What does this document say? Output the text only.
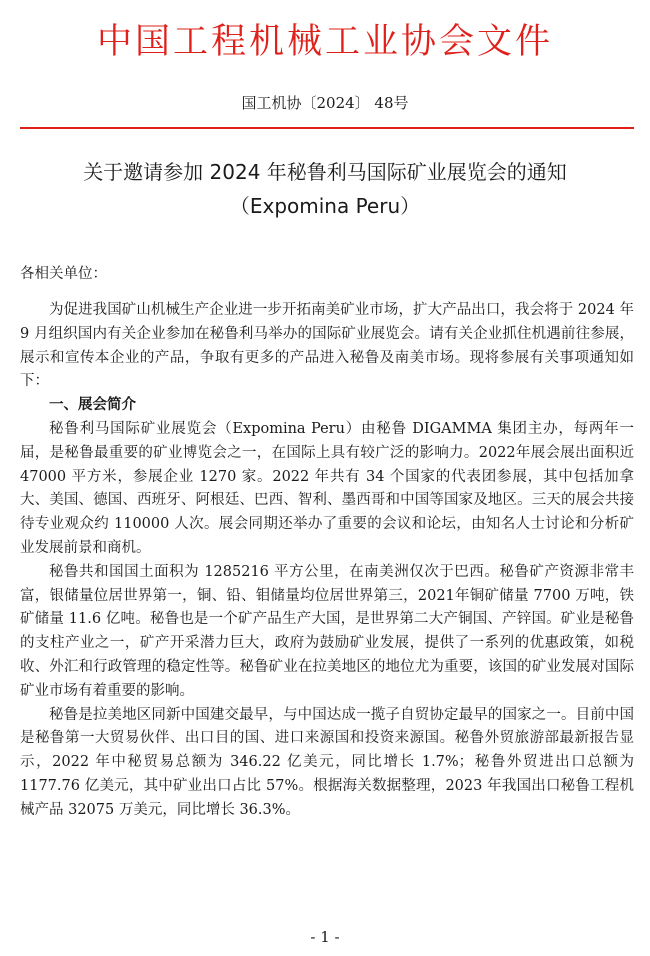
中国工程机械工业协会文件
国工机协〔2024〕 48号
关于邀请参加 2024 年秘鲁利马国际矿业展览会的通知
（Expomina Peru）
各相关单位：

为促进我国矿山机械生产企业进一步开拓南美矿业市场，扩大产品出口，我会将于 2024 年 9 月组织国内有关企业参加在秘鲁利马举办的国际矿业展览会。请有关企业抓住机遇前往参展，展示和宣传本企业的产品，争取有更多的产品进入秘鲁及南美市场。现将参展有关事项通知如下：

一、展会简介

秘鲁利马国际矿业展览会（Expomina Peru）由秘鲁 DIGAMMA 集团主办，每两年一届，是秘鲁最重要的矿业博览会之一，在国际上具有较广泛的影响力。2022年展会展出面积近 47000 平方米，参展企业 1270 家。2022 年共有 34 个国家的代表团参展，其中包括加拿大、美国、德国、西班牙、阿根廷、巴西、智利、墨西哥和中国等国家及地区。三天的展会共接待专业观众约 110000 人次。展会同期还举办了重要的会议和论坛，由知名人士讨论和分析矿业发展前景和商机。

秘鲁共和国国土面积为 1285216 平方公里，在南美洲仅次于巴西。秘鲁矿产资源非常丰富，银储量位居世界第一，铜、铅、钼储量均位居世界第三，2021年铜矿储量 7700 万吨，铁矿储量 11.6 亿吨。秘鲁也是一个矿产品生产大国，是世界第二大产铜国、产锌国。矿业是秘鲁的支柱产业之一，矿产开采潜力巨大，政府为鼓励矿业发展，提供了一系列的优惠政策，如税收、外汇和行政管理的稳定性等。秘鲁矿业在拉美地区的地位尤为重要，该国的矿业发展对国际矿业市场有着重要的影响。

秘鲁是拉美地区同新中国建交最早，与中国达成一揽子自贸协定最早的国家之一。目前中国是秘鲁第一大贸易伙伴、出口目的国、进口来源国和投资来源国。秘鲁外贸旅游部最新报告显示，2022 年中秘贸易总额为 346.22 亿美元，同比增长 1.7%；秘鲁外贸进出口总额为 1177.76 亿美元，其中矿业出口占比 57%。根据海关数据整理，2023 年我国出口秘鲁工程机械产品 32075 万美元，同比增长 36.3%。

- 1 -
